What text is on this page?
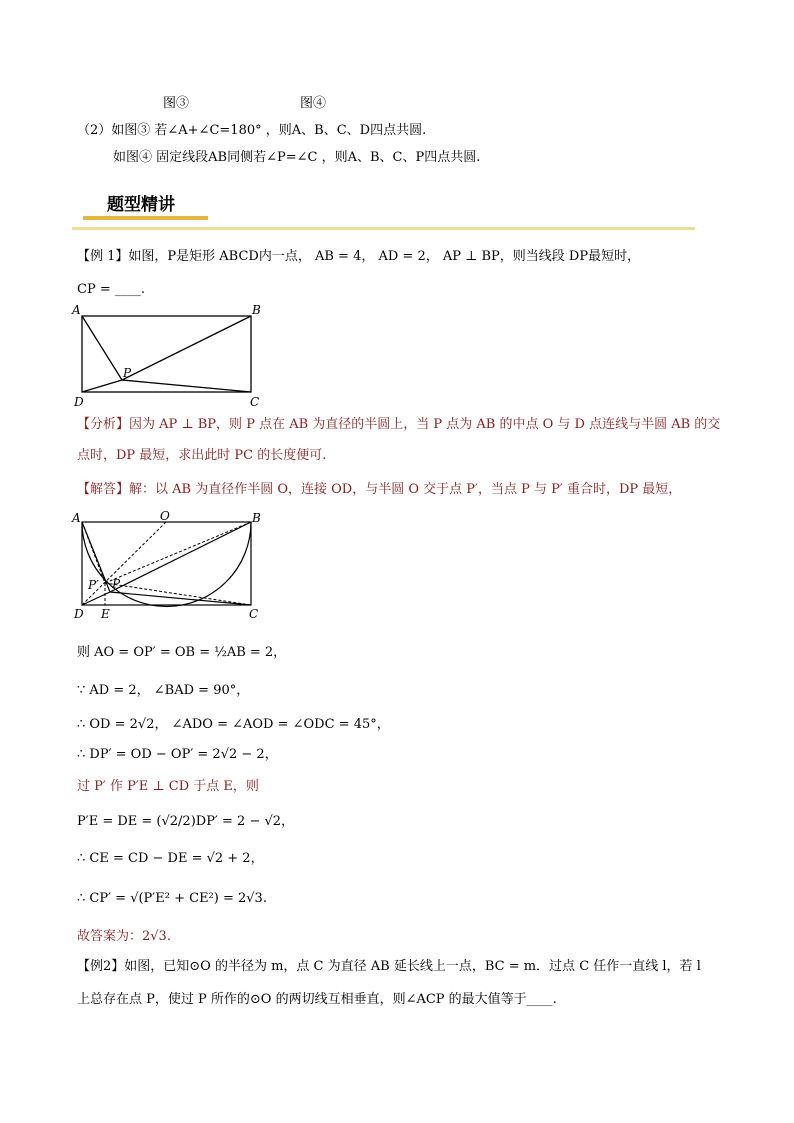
图③	图④
（2）如图③ 若∠A+∠C=180° ，则A、B、C、D四点共圆.
如图④ 固定线段AB同侧若∠P=∠C ，则A、B、C、P四点共圆.
题型精讲
【例 1】如图，P是矩形 ABCD内一点， AB = 4， AD = 2， AP ⊥ BP，则当线段 DP最短时，
CP = ____.
A	B
C
D
P
【分析】因为 AP ⊥ BP，则 P 点在 AB 为直径的半圆上，当 P 点为 AB 的中点 O 与 D 点连线与半圆 AB 的交
点时，DP 最短，求出此时 PC 的长度便可.
【解答】解：以 AB 为直径作半圆 O，连接 OD，与半圆 O 交于点 P′，当点 P 与 P′ 重合时，DP 最短，
A	O	B
P′ P
D E	C
则 AO = OP′ = OB = ½AB = 2，
∵ AD = 2， ∠BAD = 90°，
∴ OD = 2√2， ∠ADO = ∠AOD = ∠ODC = 45°，
∴ DP′ = OD − OP′ = 2√2 − 2，
过 P′ 作 P′E ⊥ CD 于点 E，则
P′E = DE = (√2/2)DP′ = 2 − √2，
∴ CE = CD − DE = √2 + 2，
∴ CP′ = √(P′E² + CE²) = 2√3.
故答案为：2√3.
【例2】如图，已知⊙O 的半径为 m，点 C 为直径 AB 延长线上一点，BC = m．过点 C 任作一直线 l，若 l
上总存在点 P，使过 P 所作的⊙O 的两切线互相垂直，则∠ACP 的最大值等于____.
